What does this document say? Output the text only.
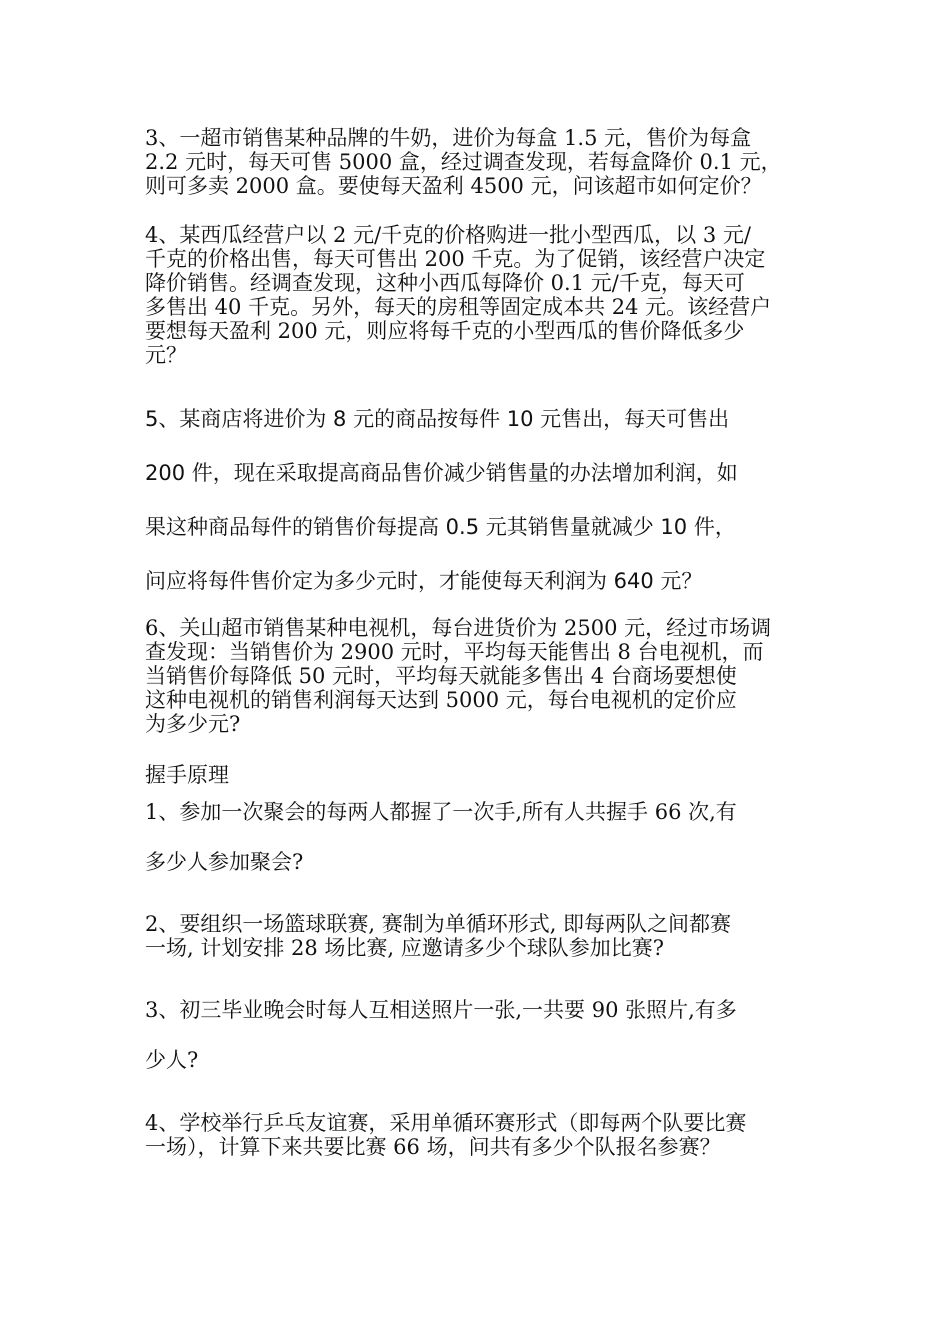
3、一超市销售某种品牌的牛奶，进价为每盒 1.5 元，售价为每盒
2.2 元时，每天可售 5000 盒，经过调查发现，若每盒降价 0.1 元，
则可多卖 2000 盒。要使每天盈利 4500 元，问该超市如何定价？
4、某西瓜经营户以 2 元/千克的价格购进一批小型西瓜，以 3 元/
千克的价格出售，每天可售出 200 千克。为了促销，该经营户决定
降价销售。经调查发现，这种小西瓜每降价 0.1 元/千克，每天可
多售出 40 千克。另外，每天的房租等固定成本共 24 元。该经营户
要想每天盈利 200 元，则应将每千克的小型西瓜的售价降低多少
元？
5、某商店将进价为 8 元的商品按每件 10 元售出，每天可售出
200 件，现在采取提高商品售价减少销售量的办法增加利润，如
果这种商品每件的销售价每提高 0.5 元其销售量就减少 10 件，
问应将每件售价定为多少元时，才能使每天利润为 640 元？
6、关山超市销售某种电视机，每台进货价为 2500 元，经过市场调
查发现：当销售价为 2900 元时，平均每天能售出 8 台电视机，而
当销售价每降低 50 元时，平均每天就能多售出 4 台商场要想使
这种电视机的销售利润每天达到 5000 元，每台电视机的定价应
为多少元?
握手原理
1、参加一次聚会的每两人都握了一次手,所有人共握手 66 次,有
多少人参加聚会?
2、要组织一场篮球联赛, 赛制为单循环形式, 即每两队之间都赛
一场, 计划安排 28 场比赛, 应邀请多少个球队参加比赛?
3、初三毕业晚会时每人互相送照片一张,一共要 90 张照片,有多
少人?
4、学校举行乒乓友谊赛，采用单循环赛形式（即每两个队要比赛
一场），计算下来共要比赛 66 场，问共有多少个队报名参赛？
